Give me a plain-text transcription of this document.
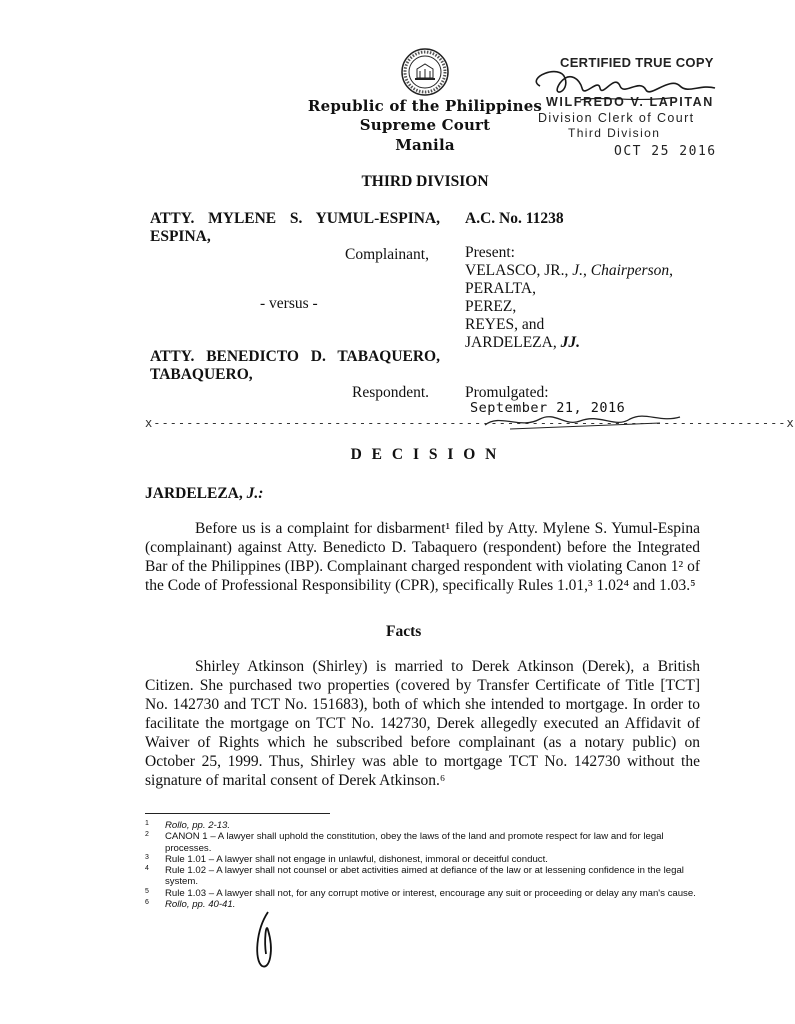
Republic of the Philippines
Supreme Court
Manila
THIRD DIVISION
CERTIFIED TRUE COPY
WILFREDO V. LAPITAN
Division Clerk of Court
Third Division
OCT 25 2016
ATTY. MYLENE S. YUMUL-ESPINA,
ESPINA,
Complainant,
- versus -
ATTY. BENEDICTO D. TABAQUERO,
TABAQUERO,
Respondent.
A.C. No. 11238
Present:
VELASCO, JR., J., Chairperson,
PERALTA,
PEREZ,
REYES, and
JARDELEZA, JJ.
Promulgated:
September 21, 2016
x-----------------------------------------------------------------------------x
D E C I S I O N
JARDELEZA, J.:
Before us is a complaint for disbarment¹ filed by Atty. Mylene S. Yumul-Espina (complainant) against Atty. Benedicto D. Tabaquero (respondent) before the Integrated Bar of the Philippines (IBP). Complainant charged respondent with violating Canon 1² of the Code of Professional Responsibility (CPR), specifically Rules 1.01,³ 1.02⁴ and 1.03.⁵
Facts
Shirley Atkinson (Shirley) is married to Derek Atkinson (Derek), a British Citizen. She purchased two properties (covered by Transfer Certificate of Title [TCT] No. 142730 and TCT No. 151683), both of which she intended to mortgage. In order to facilitate the mortgage on TCT No. 142730, Derek allegedly executed an Affidavit of Waiver of Rights which he subscribed before complainant (as a notary public) on October 25, 1999. Thus, Shirley was able to mortgage TCT No. 142730 without the signature of marital consent of Derek Atkinson.⁶
1 Rollo, pp. 2-13.
2 CANON 1 – A lawyer shall uphold the constitution, obey the laws of the land and promote respect for law and for legal processes.
3 Rule 1.01 – A lawyer shall not engage in unlawful, dishonest, immoral or deceitful conduct.
4 Rule 1.02 – A lawyer shall not counsel or abet activities aimed at defiance of the law or at lessening confidence in the legal system.
5 Rule 1.03 – A lawyer shall not, for any corrupt motive or interest, encourage any suit or proceeding or delay any man's cause.
6 Rollo, pp. 40-41.
